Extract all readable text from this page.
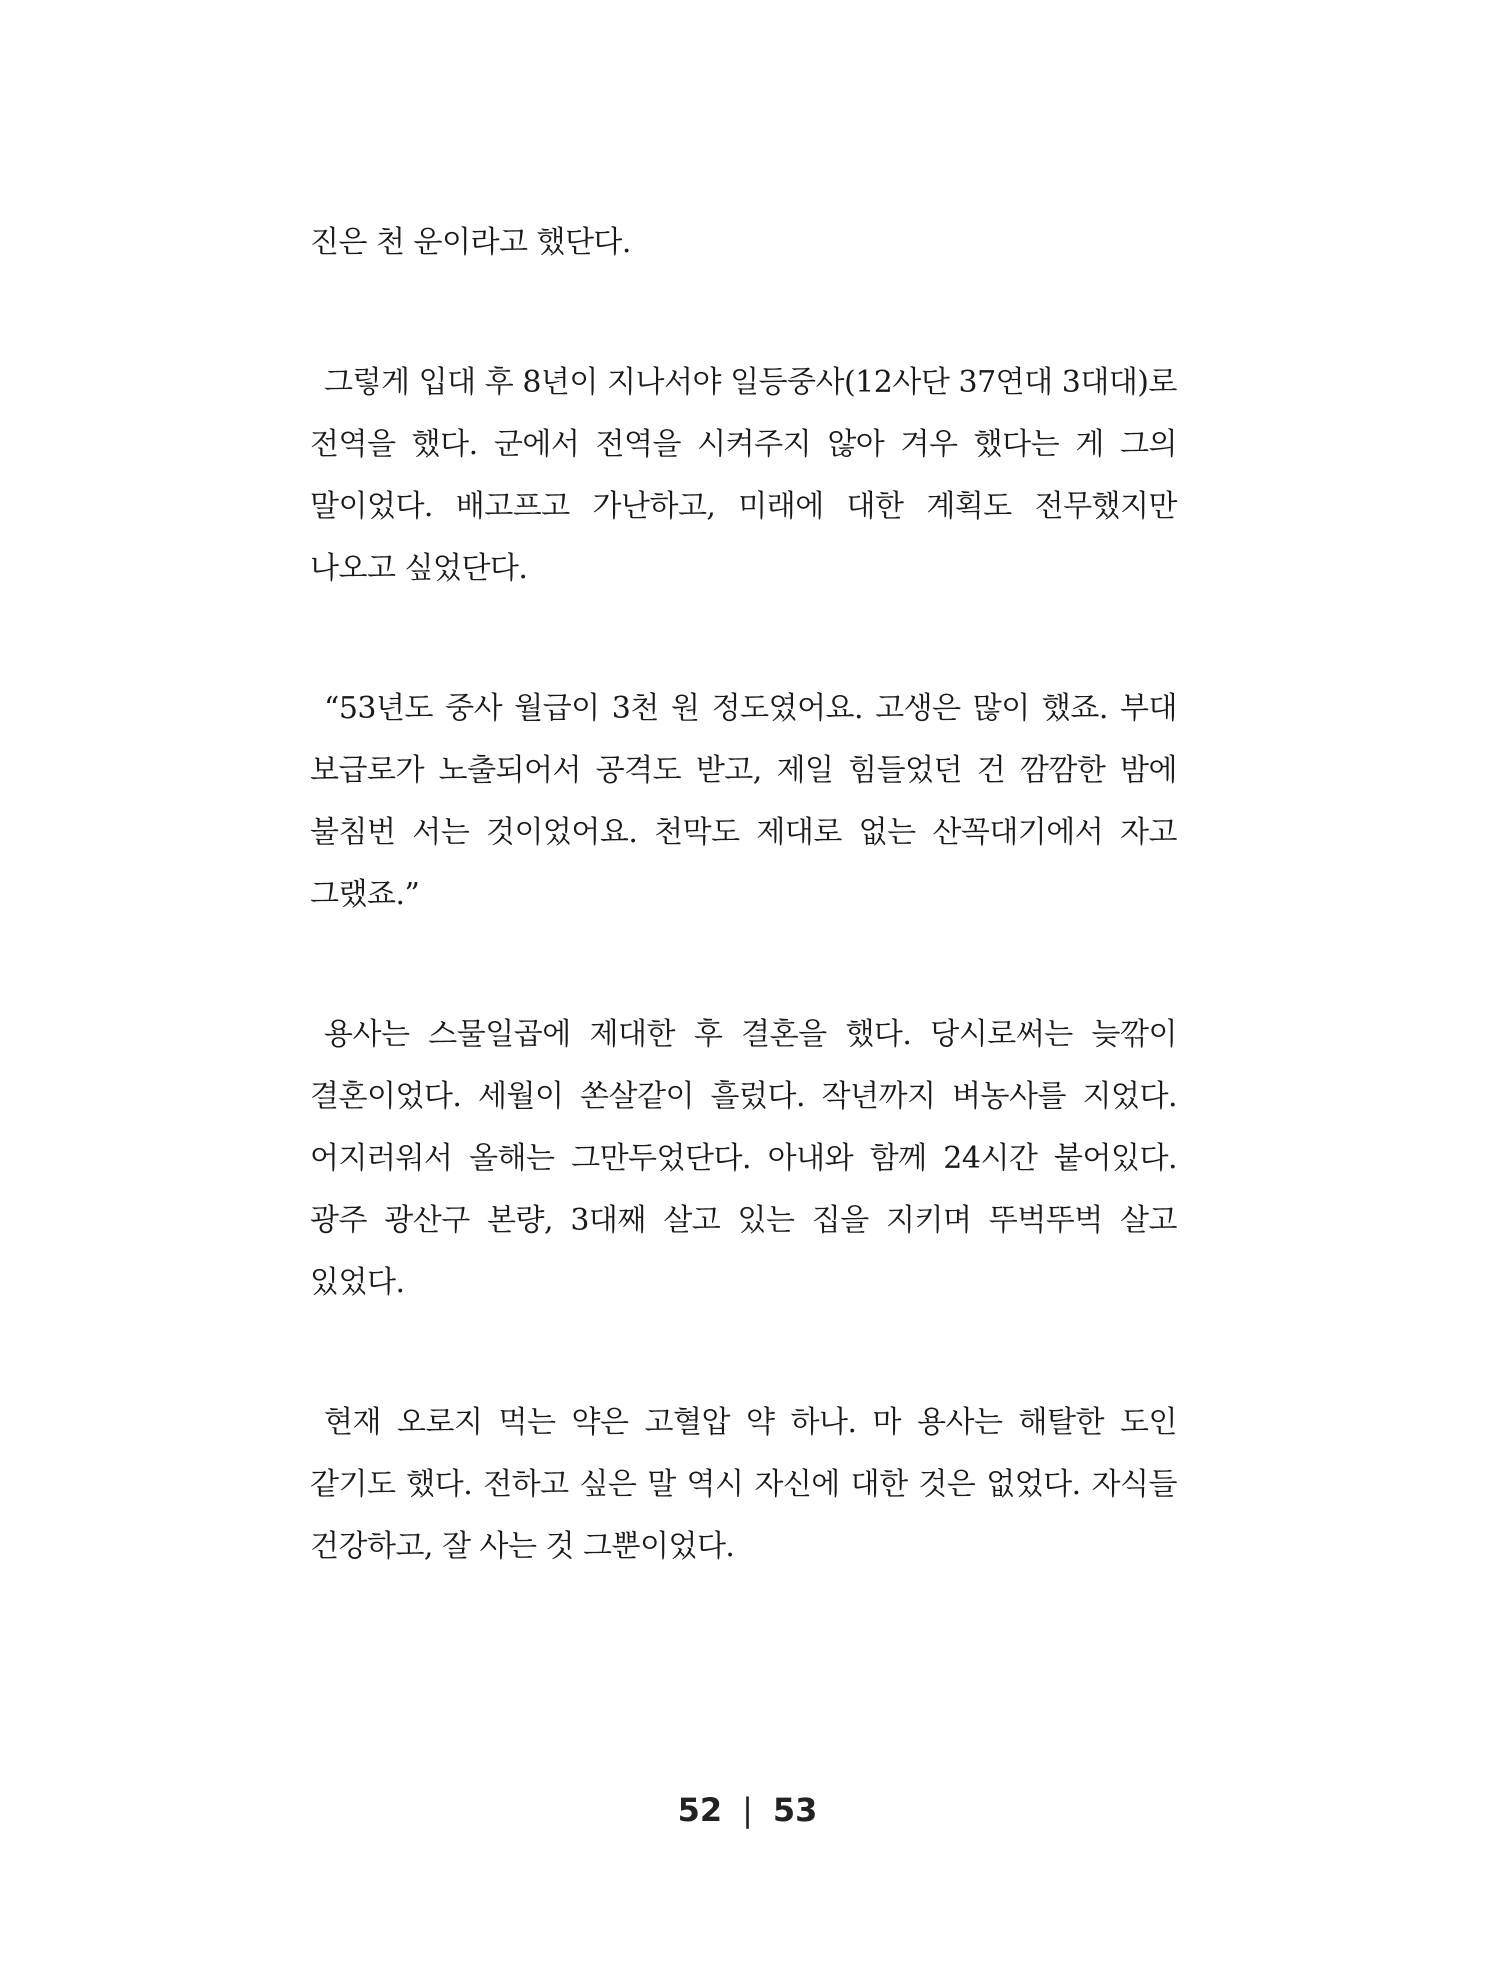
진은 천 운이라고 했단다.

그렇게 입대 후 8년이 지나서야 일등중사(12사단 37연대 3대대)로 전역을 했다. 군에서 전역을 시켜주지 않아 겨우 했다는 게 그의 말이었다. 배고프고 가난하고, 미래에 대한 계획도 전무했지만 나오고 싶었단다.

“53년도 중사 월급이 3천 원 정도였어요. 고생은 많이 했죠. 부대 보급로가 노출되어서 공격도 받고, 제일 힘들었던 건 깜깜한 밤에 불침번 서는 것이었어요. 천막도 제대로 없는 산꼭대기에서 자고 그랬죠.”

용사는 스물일곱에 제대한 후 결혼을 했다. 당시로써는 늦깎이 결혼이었다. 세월이 쏜살같이 흘렀다. 작년까지 벼농사를 지었다. 어지러워서 올해는 그만두었단다. 아내와 함께 24시간 붙어있다. 광주 광산구 본량, 3대째 살고 있는 집을 지키며 뚜벅뚜벅 살고 있었다.

현재 오로지 먹는 약은 고혈압 약 하나. 마 용사는 해탈한 도인 같기도 했다. 전하고 싶은 말 역시 자신에 대한 것은 없었다. 자식들 건강하고, 잘 사는 것 그뿐이었다.

52 | 53
